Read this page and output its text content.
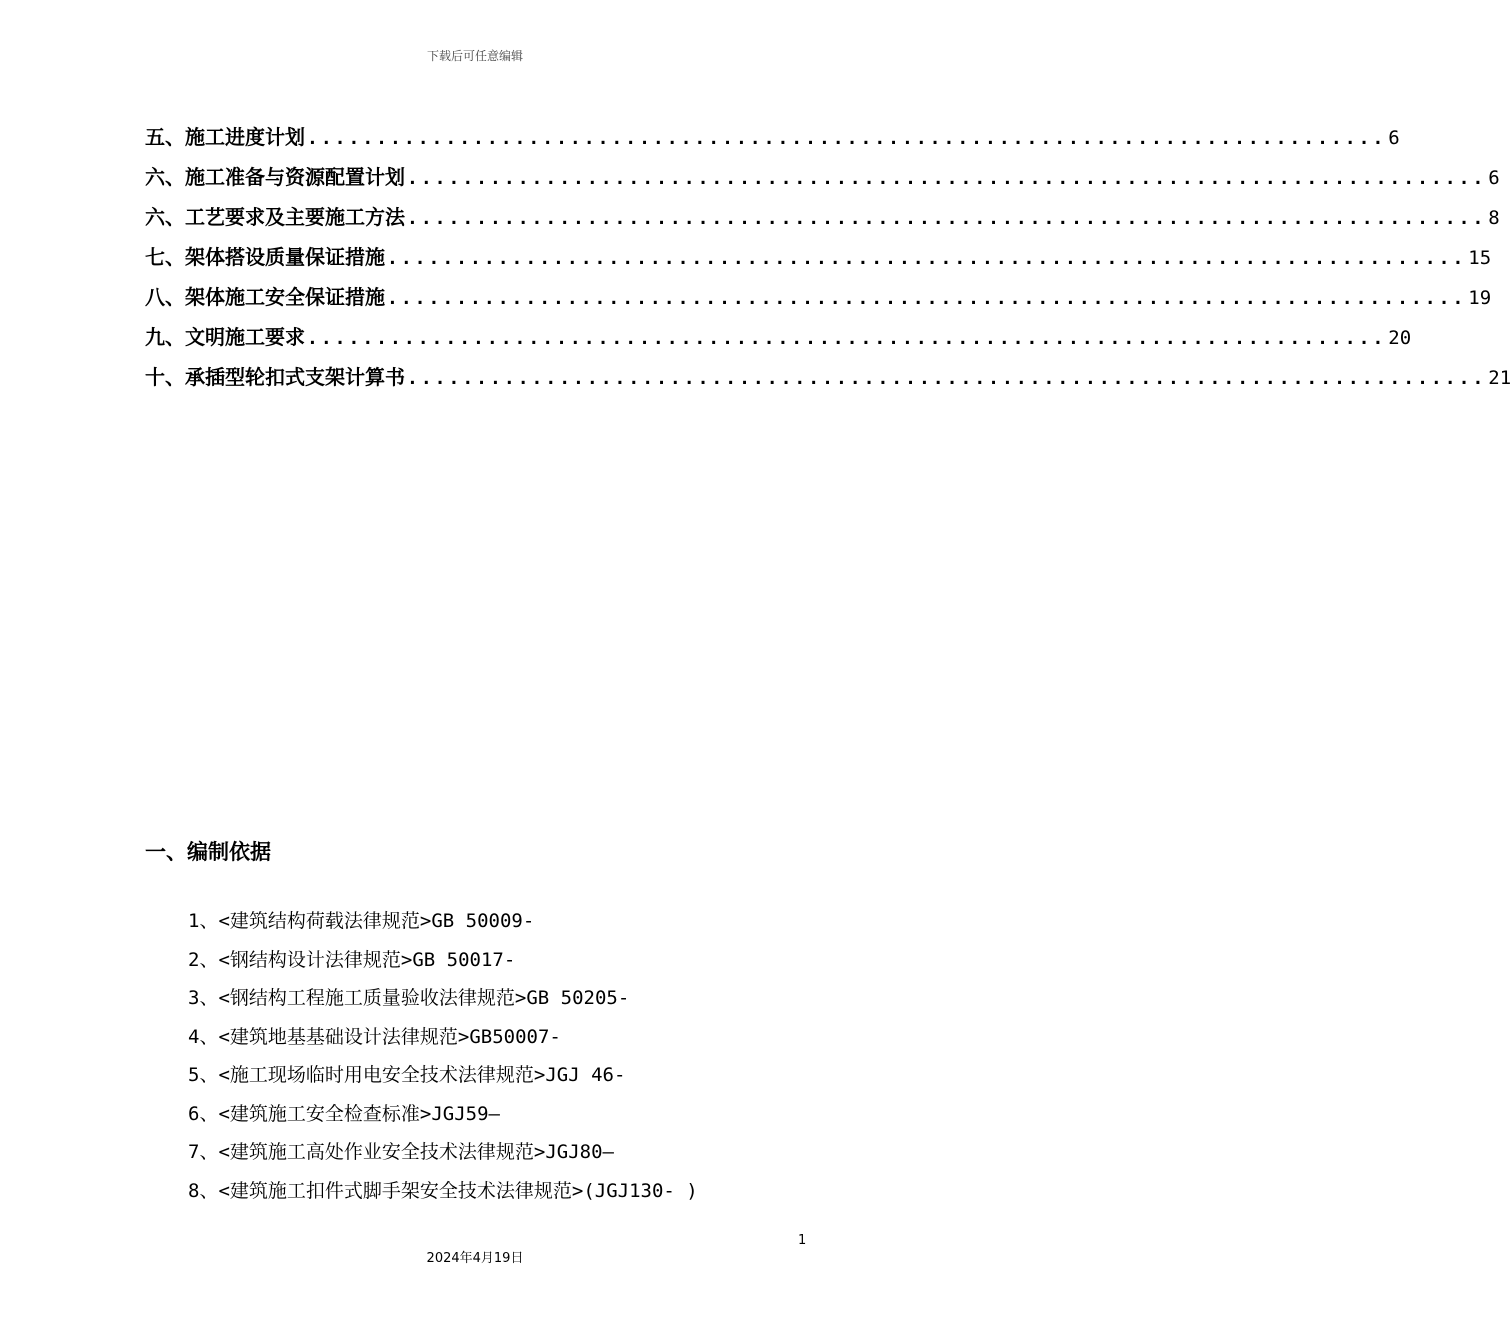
下载后可任意编辑
五、施工进度计划 .............................................................................. 6
六、施工准备与资源配置计划 .............................................................................. 6
六、工艺要求及主要施工方法 .............................................................................. 8
七、架体搭设质量保证措施 .............................................................................. 15
八、架体施工安全保证措施 .............................................................................. 19
九、文明施工要求 .............................................................................. 20
十、承插型轮扣式支架计算书 .............................................................................. 21
一、编制依据
1、<建筑结构荷载法律规范>GB 50009-
2、<钢结构设计法律规范>GB 50017-
3、<钢结构工程施工质量验收法律规范>GB 50205-
4、<建筑地基基础设计法律规范>GB50007-
5、<施工现场临时用电安全技术法律规范>JGJ 46-
6、<建筑施工安全检查标准>JGJ59—
7、<建筑施工高处作业安全技术法律规范>JGJ80—
8、<建筑施工扣件式脚手架安全技术法律规范>(JGJ130- )
1
2024年4月19日
